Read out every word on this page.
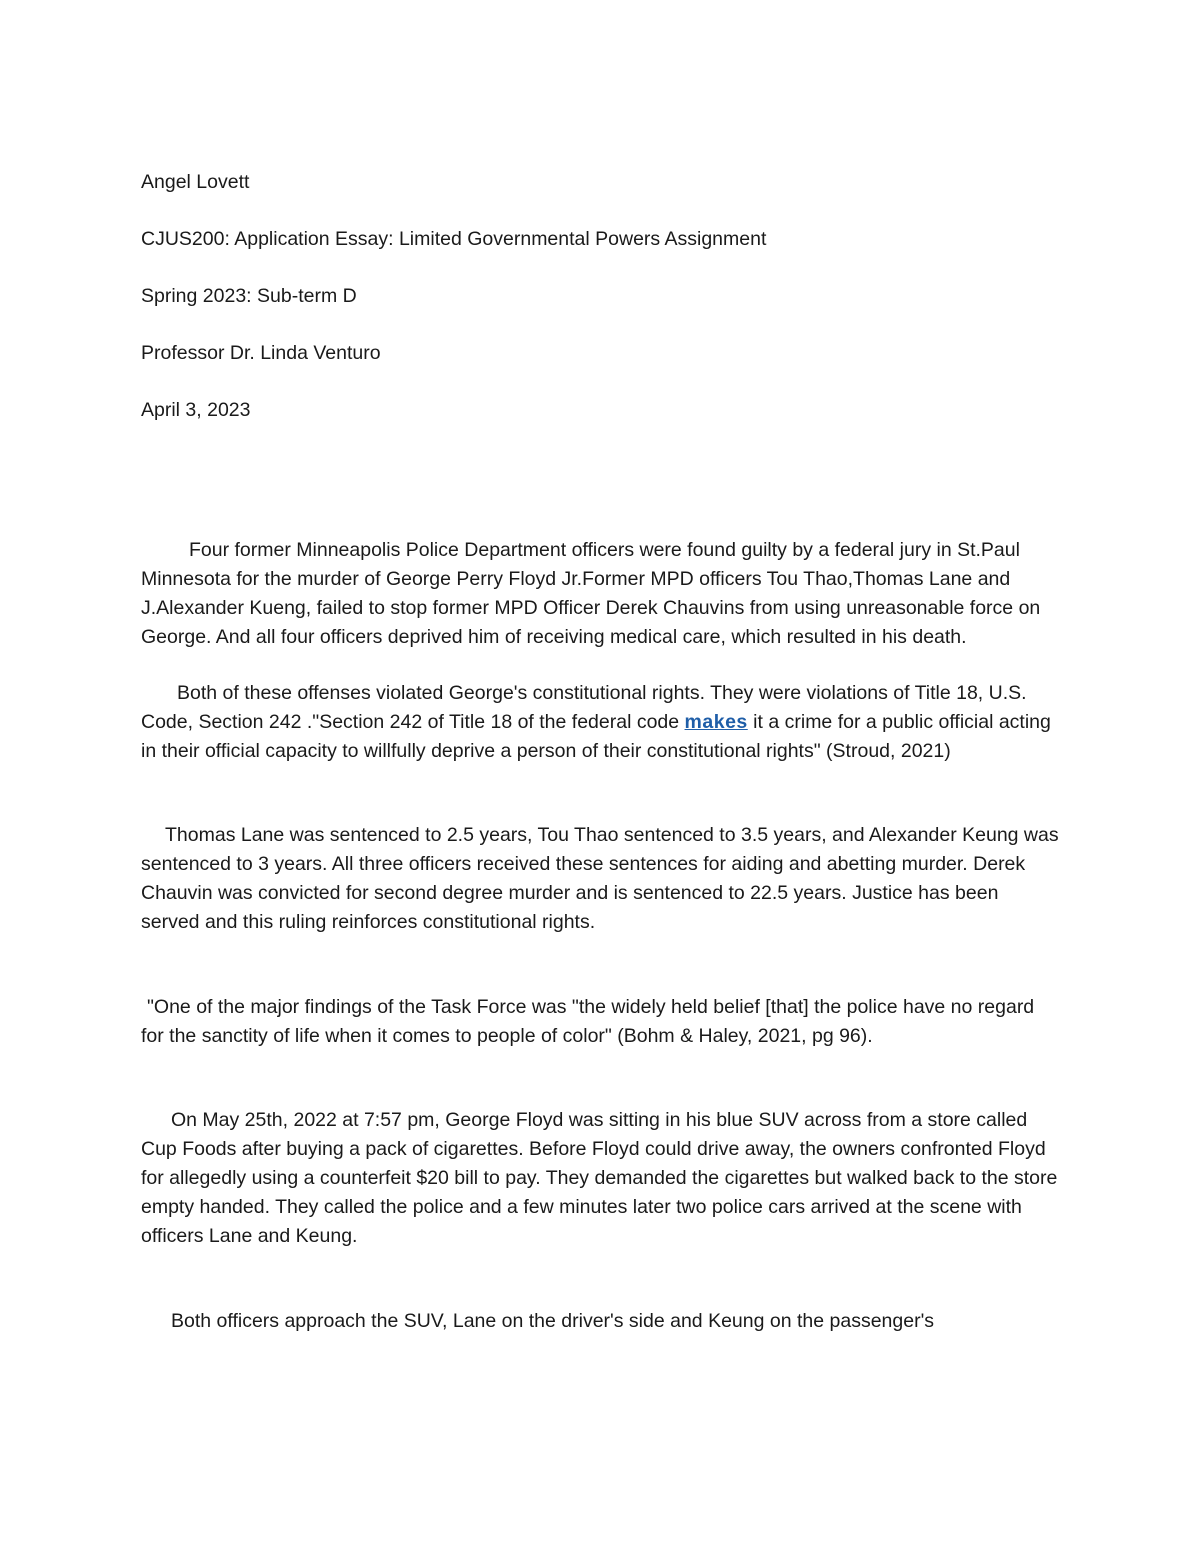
Angel Lovett
CJUS200: Application Essay: Limited Governmental Powers Assignment
Spring 2023: Sub-term D
Professor Dr. Linda Venturo
April 3, 2023

Four former Minneapolis Police Department officers were found guilty by a federal jury in St.Paul Minnesota for the murder of George Perry Floyd Jr.Former MPD officers Tou Thao,Thomas Lane and J.Alexander Kueng, failed to stop former MPD Officer Derek Chauvins from using unreasonable force on George. And all four officers deprived him of receiving medical care, which resulted in his death.

Both of these offenses violated George's constitutional rights. They were violations of Title 18, U.S. Code, Section 242 ."Section 242 of Title 18 of the federal code makes it a crime for a public official acting in their official capacity to willfully deprive a person of their constitutional rights" (Stroud, 2021)

Thomas Lane was sentenced to 2.5 years, Tou Thao sentenced to 3.5 years, and Alexander Keung was sentenced to 3 years. All three officers received these sentences for aiding and abetting murder. Derek Chauvin was convicted for second degree murder and is sentenced to 22.5 years. Justice has been served and this ruling reinforces constitutional rights.

"One of the major findings of the Task Force was "the widely held belief [that] the police have no regard for the sanctity of life when it comes to people of color" (Bohm & Haley, 2021, pg 96).

On May 25th, 2022 at 7:57 pm, George Floyd was sitting in his blue SUV across from a store called Cup Foods after buying a pack of cigarettes. Before Floyd could drive away, the owners confronted Floyd for allegedly using a counterfeit $20 bill to pay. They demanded the cigarettes but walked back to the store empty handed. They called the police and a few minutes later two police cars arrived at the scene with officers Lane and Keung.

Both officers approach the SUV, Lane on the driver's side and Keung on the passenger's
